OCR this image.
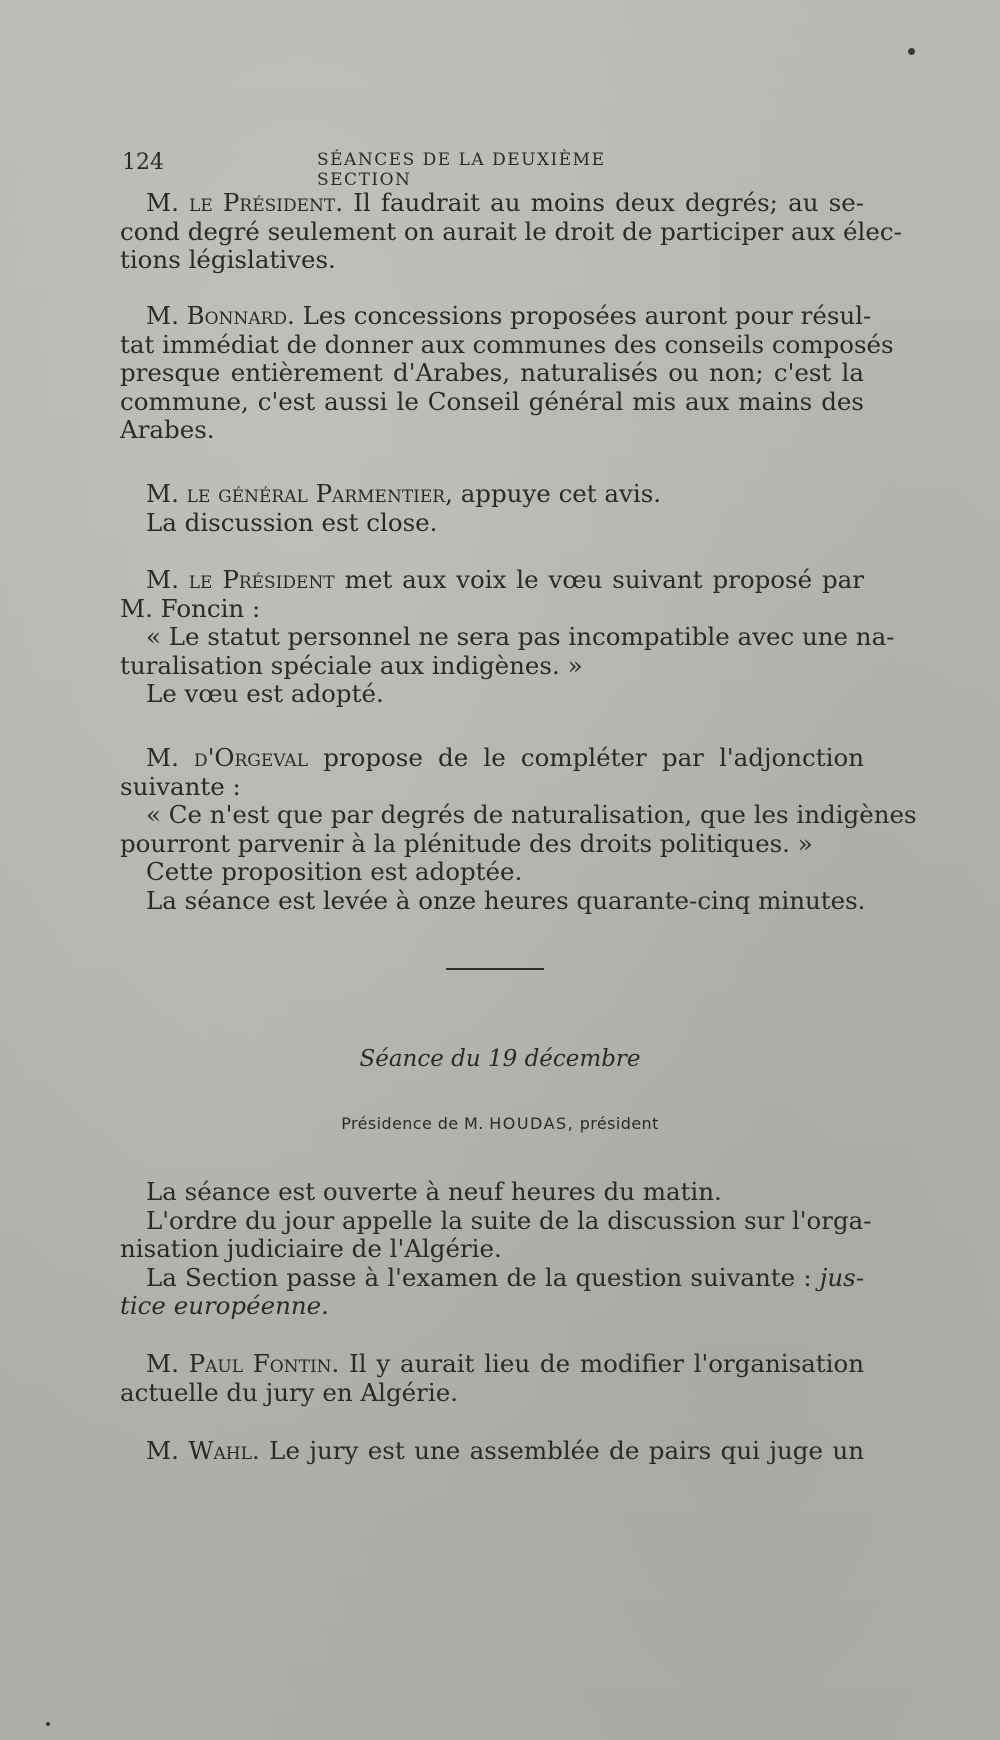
124	SÉANCES DE LA DEUXIÈME SECTION
M. le Président. Il faudrait au moins deux degrés; au se-
cond degré seulement on aurait le droit de participer aux élec-
tions législatives.
M. Bonnard. Les concessions proposées auront pour résul-
tat immédiat de donner aux communes des conseils composés
presque entièrement d'Arabes, naturalisés ou non; c'est la
commune, c'est aussi le Conseil général mis aux mains des
Arabes.
M. le général Parmentier, appuye cet avis.
La discussion est close.
M. le Président met aux voix le vœu suivant proposé par
M. Foncin :
« Le statut personnel ne sera pas incompatible avec une na-
turalisation spéciale aux indigènes. »
Le vœu est adopté.
M. d'Orgeval propose de le compléter par l'adjonction
suivante :
« Ce n'est que par degrés de naturalisation, que les indigènes
pourront parvenir à la plénitude des droits politiques. »
Cette proposition est adoptée.
La séance est levée à onze heures quarante-cinq minutes.
Séance du 19 décembre
Présidence de M. HOUDAS, président
La séance est ouverte à neuf heures du matin.
L'ordre du jour appelle la suite de la discussion sur l'orga-
nisation judiciaire de l'Algérie.
La Section passe à l'examen de la question suivante : jus-
tice européenne.
M. Paul Fontin. Il y aurait lieu de modifier l'organisation
actuelle du jury en Algérie.
M. Wahl. Le jury est une assemblée de pairs qui juge un
